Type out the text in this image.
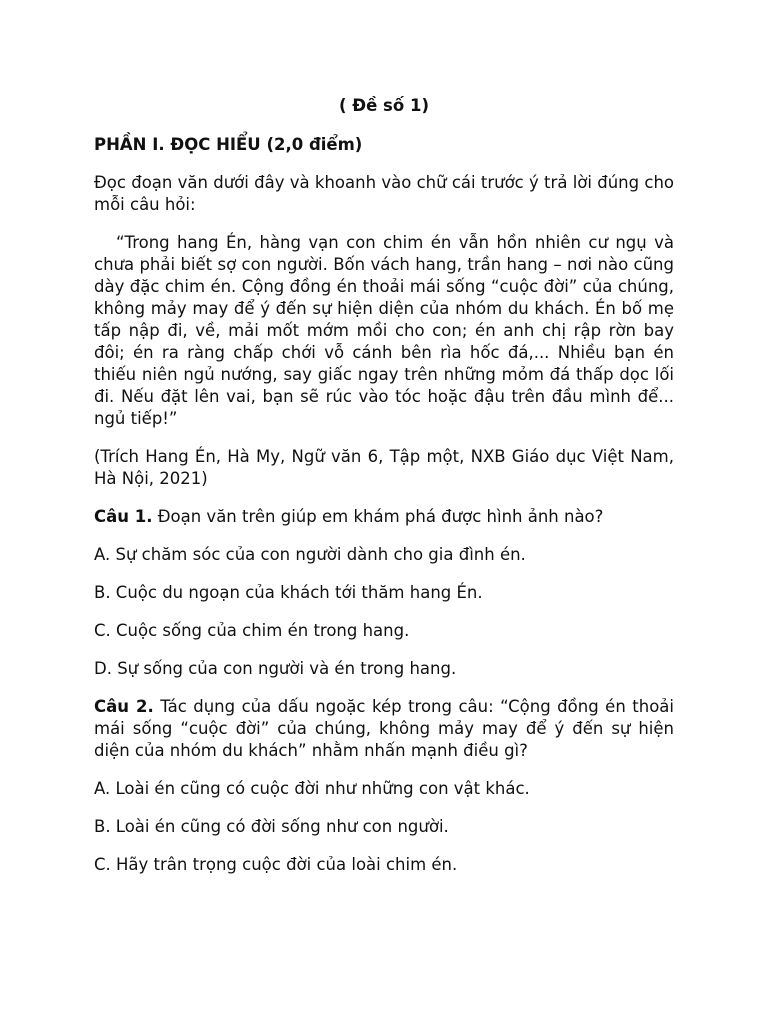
( Đề số 1)

PHẦN I. ĐỌC HIỂU (2,0 điểm)

Đọc đoạn văn dưới đây và khoanh vào chữ cái trước ý trả lời đúng cho mỗi câu hỏi:

“Trong hang Én, hàng vạn con chim én vẫn hồn nhiên cư ngụ và chưa phải biết sợ con người. Bốn vách hang, trần hang – nơi nào cũng dày đặc chim én. Cộng đồng én thoải mái sống “cuộc đời” của chúng, không mảy may để ý đến sự hiện diện của nhóm du khách. Én bố mẹ tấp nập đi, về, mải mốt mớm mồi cho con; én anh chị rập rờn bay đôi; én ra ràng chấp chới vỗ cánh bên rìa hốc đá,... Nhiều bạn én thiếu niên ngủ nướng, say giấc ngay trên những mỏm đá thấp dọc lối đi. Nếu đặt lên vai, bạn sẽ rúc vào tóc hoặc đậu trên đầu mình để... ngủ tiếp!”

(Trích Hang Én, Hà My, Ngữ văn 6, Tập một, NXB Giáo dục Việt Nam, Hà Nội, 2021)

Câu 1. Đoạn văn trên giúp em khám phá được hình ảnh nào?

A. Sự chăm sóc của con người dành cho gia đình én.

B. Cuộc du ngoạn của khách tới thăm hang Én.

C. Cuộc sống của chim én trong hang.

D. Sự sống của con người và én trong hang.

Câu 2. Tác dụng của dấu ngoặc kép trong câu: “Cộng đồng én thoải mái sống “cuộc đời” của chúng, không mảy may để ý đến sự hiện diện của nhóm du khách” nhằm nhấn mạnh điều gì?

A. Loài én cũng có cuộc đời như những con vật khác.

B. Loài én cũng có đời sống như con người.

C. Hãy trân trọng cuộc đời của loài chim én.
